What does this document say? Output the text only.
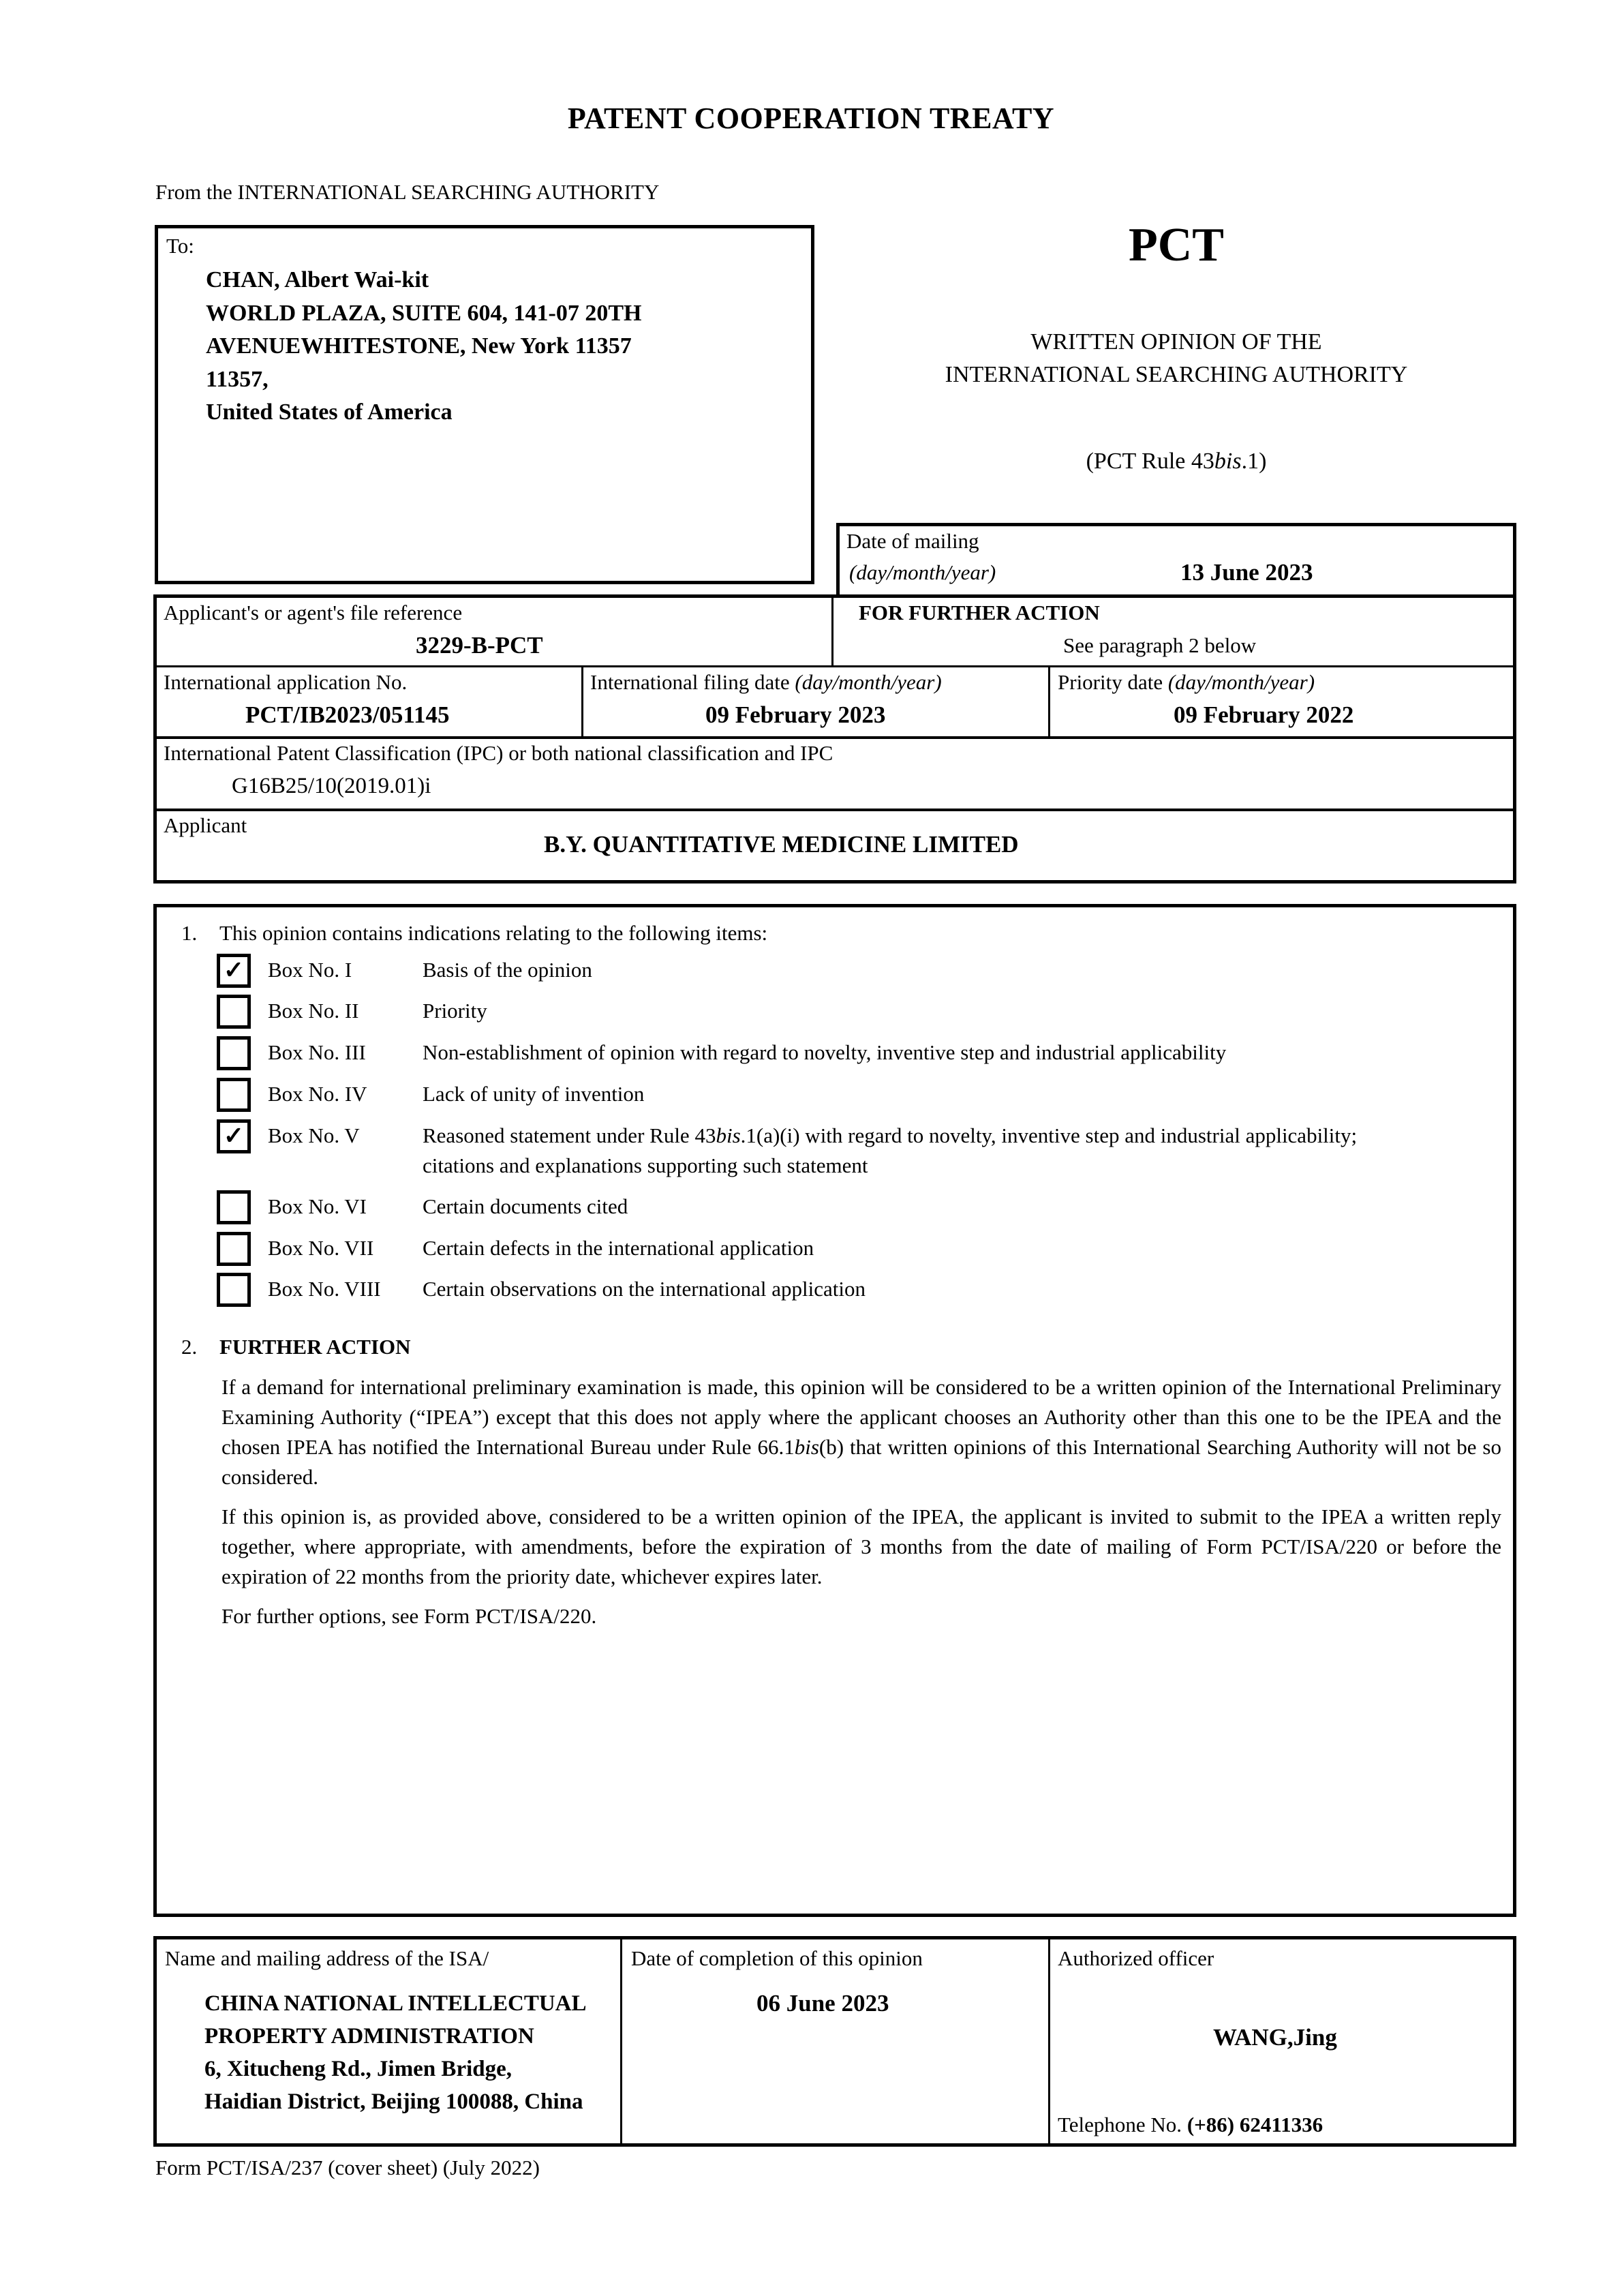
PATENT COOPERATION TREATY
From the INTERNATIONAL SEARCHING AUTHORITY
To:
CHAN, Albert Wai-kit
WORLD PLAZA, SUITE 604, 141-07 20TH
AVENUEWHITESTONE, New York 11357
11357,
United States of America
PCT
WRITTEN OPINION OF THE
INTERNATIONAL SEARCHING AUTHORITY
(PCT Rule 43bis.1)
Date of mailing
(day/month/year)	13 June 2023
Applicant's or agent's file reference
3229-B-PCT
FOR FURTHER ACTION
See paragraph 2 below
International application No.
PCT/IB2023/051145
International filing date (day/month/year)
09 February 2023
Priority date (day/month/year)
09 February 2022
International Patent Classification (IPC) or both national classification and IPC
G16B25/10(2019.01)i
Applicant
B.Y. QUANTITATIVE MEDICINE LIMITED
1. This opinion contains indications relating to the following items:
✓	Box No. I	Basis of the opinion
Box No. II	Priority
Box No. III	Non-establishment of opinion with regard to novelty, inventive step and industrial applicability
Box No. IV	Lack of unity of invention
✓	Box No. V	Reasoned statement under Rule 43bis.1(a)(i) with regard to novelty, inventive step and industrial applicability;
citations and explanations supporting such statement
Box No. VI	Certain documents cited
Box No. VII Certain defects in the international application
Box No. VIII Certain observations on the international application
2. FURTHER ACTION
If a demand for international preliminary examination is made, this opinion will be considered to be a written opinion of the International Preliminary Examining Authority (“IPEA”) except that this does not apply where the applicant chooses an Authority other than this one to be the IPEA and the chosen IPEA has notified the International Bureau under Rule 66.1bis(b) that written opinions of this International Searching Authority will not be so considered.
If this opinion is, as provided above, considered to be a written opinion of the IPEA, the applicant is invited to submit to the IPEA a written reply together, where appropriate, with amendments, before the expiration of 3 months from the date of mailing of Form PCT/ISA/220 or before the expiration of 22 months from the priority date, whichever expires later.
For further options, see Form PCT/ISA/220.
Name and mailing address of the ISA/
CHINA NATIONAL INTELLECTUAL
PROPERTY ADMINISTRATION
6, Xitucheng Rd., Jimen Bridge,
Haidian District, Beijing 100088, China
Date of completion of this opinion
06 June 2023
Authorized officer
WANG,Jing
Telephone No. (+86) 62411336
Form PCT/ISA/237 (cover sheet) (July 2022)
